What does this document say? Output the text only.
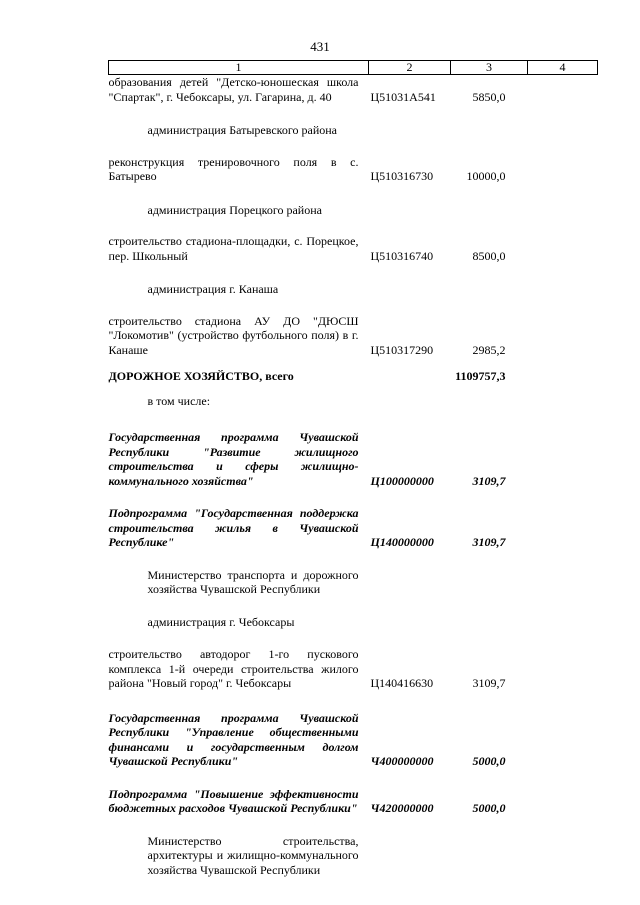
431
1	2	3	4
образования детей "Детско-юношеская школа "Спартак", г. Чебоксары, ул. Гагарина, д. 40	Ц51031А541	5850,0	

администрация Батыревского района			

реконструкция тренировочного поля в с. Батырево	Ц510316730	10000,0	

администрация Порецкого района			

строительство стадиона-площадки, с. Порецкое, пер. Школьный	Ц510316740	8500,0	

администрация г. Канаша			

строительство стадиона АУ ДО "ДЮСШ "Локомотив" (устройство футбольного поля) в г. Канаше	Ц510317290	2985,2	

ДОРОЖНОЕ ХОЗЯЙСТВО, всего		1109757,3	

в том числе:			

Государственная программа Чувашской Республики "Развитие жилищного строительства и сферы жилищно-коммунального хозяйства"	Ц100000000	3109,7	

Подпрограмма "Государственная поддержка строительства жилья в Чувашской Республике"	Ц140000000	3109,7	

Министерство транспорта и дорожного хозяйства Чувашской Республики			

администрация г. Чебоксары			

строительство автодорог 1-го пускового комплекса 1-й очереди строительства жилого района "Новый город" г. Чебоксары	Ц140416630	3109,7	

Государственная программа Чувашской Республики "Управление общественными финансами и государственным долгом Чувашской Республики"	Ч400000000	5000,0	

Подпрограмма "Повышение эффективности бюджетных расходов Чувашской Республики"	Ч420000000	5000,0	

Министерство строительства, архитектуры и жилищно-коммунального хозяйства Чувашской Республики			
